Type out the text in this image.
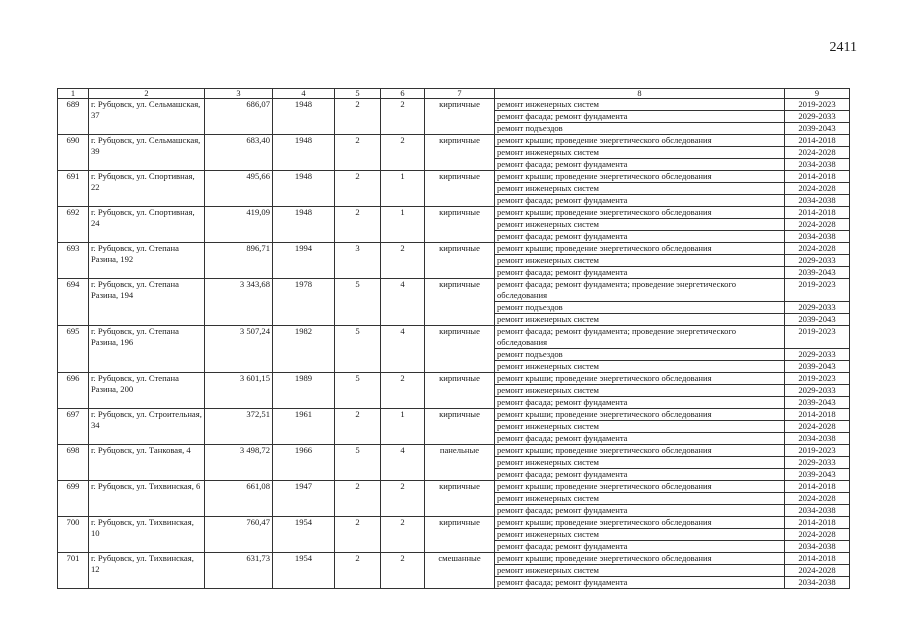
2411
1	2	3	4	5	6	7	8	9
689	г. Рубцовск, ул. Сельмашская, 37	686,07	1948	2	2	кирпичные	ремонт инженерных систем	2019-2023
							ремонт фасада; ремонт фундамента	2029-2033
							ремонт подъездов	2039-2043
690	г. Рубцовск, ул. Сельмашская, 39	683,40	1948	2	2	кирпичные	ремонт крыши; проведение энергетического обследования	2014-2018
							ремонт инженерных систем	2024-2028
							ремонт фасада; ремонт фундамента	2034-2038
691	г. Рубцовск, ул. Спортивная, 22	495,66	1948	2	1	кирпичные	ремонт крыши; проведение энергетического обследования	2014-2018
							ремонт инженерных систем	2024-2028
							ремонт фасада; ремонт фундамента	2034-2038
692	г. Рубцовск, ул. Спортивная, 24	419,09	1948	2	1	кирпичные	ремонт крыши; проведение энергетического обследования	2014-2018
							ремонт инженерных систем	2024-2028
							ремонт фасада; ремонт фундамента	2034-2038
693	г. Рубцовск, ул. Степана Разина, 192	896,71	1994	3	2	кирпичные	ремонт крыши; проведение энергетического обследования	2024-2028
							ремонт инженерных систем	2029-2033
							ремонт фасада; ремонт фундамента	2039-2043
694	г. Рубцовск, ул. Степана Разина, 194	3 343,68	1978	5	4	кирпичные	ремонт фасада; ремонт фундамента; проведение энергетического обследования	2019-2023
							ремонт подъездов	2029-2033
							ремонт инженерных систем	2039-2043
695	г. Рубцовск, ул. Степана Разина, 196	3 507,24	1982	5	4	кирпичные	ремонт фасада; ремонт фундамента; проведение энергетического обследования	2019-2023
							ремонт подъездов	2029-2033
							ремонт инженерных систем	2039-2043
696	г. Рубцовск, ул. Степана Разина, 200	3 601,15	1989	5	2	кирпичные	ремонт крыши; проведение энергетического обследования	2019-2023
							ремонт инженерных систем	2029-2033
							ремонт фасада; ремонт фундамента	2039-2043
697	г. Рубцовск, ул. Строительная, 34	372,51	1961	2	1	кирпичные	ремонт крыши; проведение энергетического обследования	2014-2018
							ремонт инженерных систем	2024-2028
							ремонт фасада; ремонт фундамента	2034-2038
698	г. Рубцовск, ул. Танковая, 4	3 498,72	1966	5	4	панельные	ремонт крыши; проведение энергетического обследования	2019-2023
							ремонт инженерных систем	2029-2033
							ремонт фасада; ремонт фундамента	2039-2043
699	г. Рубцовск, ул. Тихвинская, 6	661,08	1947	2	2	кирпичные	ремонт крыши; проведение энергетического обследования	2014-2018
							ремонт инженерных систем	2024-2028
							ремонт фасада; ремонт фундамента	2034-2038
700	г. Рубцовск, ул. Тихвинская, 10	760,47	1954	2	2	кирпичные	ремонт крыши; проведение энергетического обследования	2014-2018
							ремонт инженерных систем	2024-2028
							ремонт фасада; ремонт фундамента	2034-2038
701	г. Рубцовск, ул. Тихвинская, 12	631,73	1954	2	2	смешанные	ремонт крыши; проведение энергетического обследования	2014-2018
							ремонт инженерных систем	2024-2028
							ремонт фасада; ремонт фундамента	2034-2038
